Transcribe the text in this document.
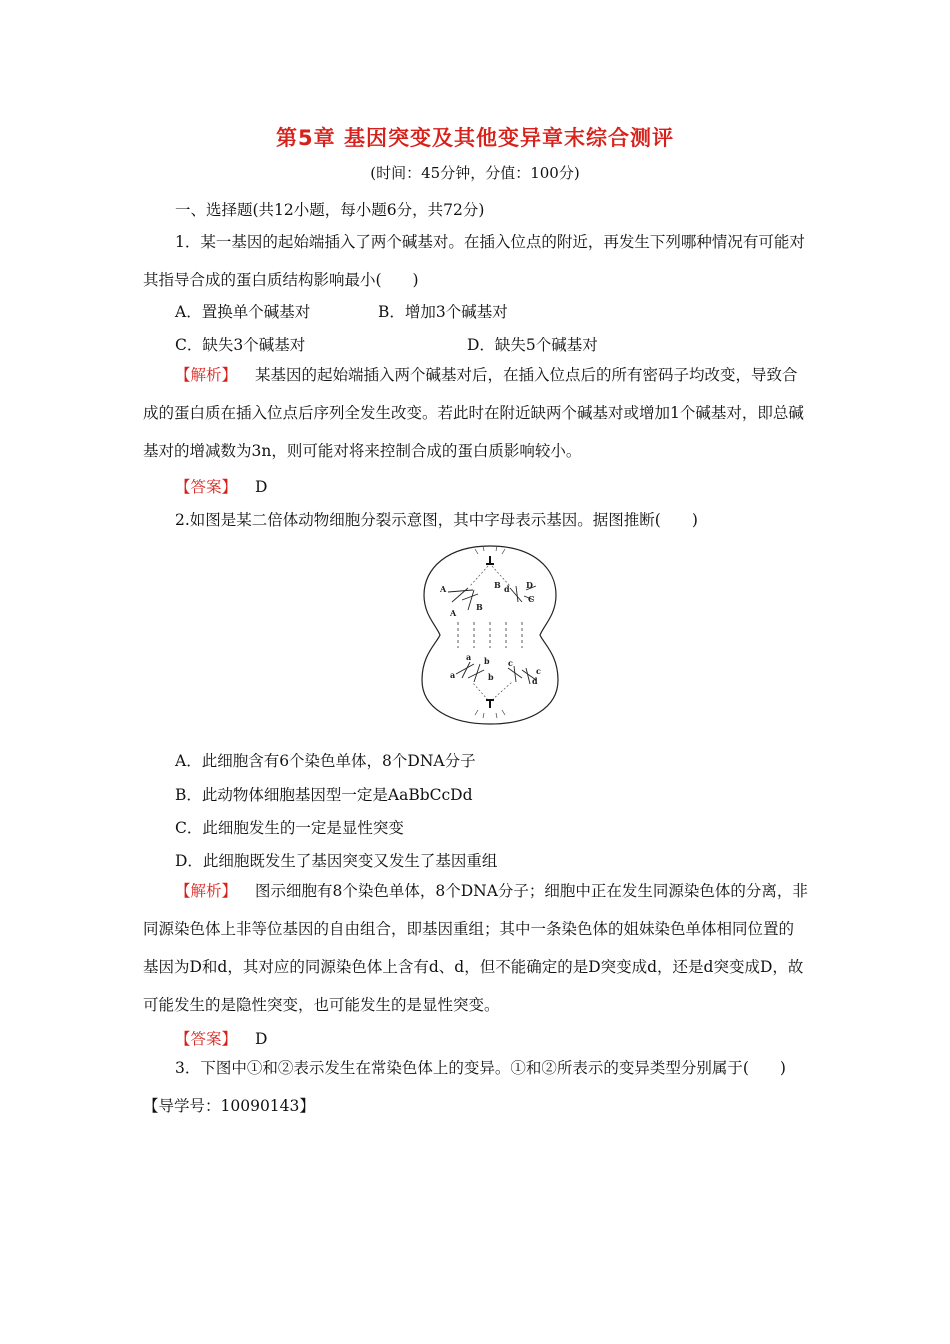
第5章 基因突变及其他变异章末综合测评
(时间：45分钟，分值：100分)
一、选择题(共12小题，每小题6分，共72分)
1．某一基因的起始端插入了两个碱基对。在插入位点的附近，再发生下列哪种情况有可能对其指导合成的蛋白质结构影响最小(　　)
A．置换单个碱基对	B．增加3个碱基对
C．缺失3个碱基对	D．缺失5个碱基对
【解析】 某基因的起始端插入两个碱基对后，在插入位点后的所有密码子均改变，导致合成的蛋白质在插入位点后序列全发生改变。若此时在附近缺两个碱基对或增加1个碱基对，即总碱基对的增减数为3n，则可能对将来控制合成的蛋白质影响较小。
【答案】 D
2.如图是某二倍体动物细胞分裂示意图，其中字母表示基因。据图推断(　　)
A
A
B
B
d D
C
a b
a	b
c
c
d
A．此细胞含有6个染色单体，8个DNA分子
B．此动物体细胞基因型一定是AaBbCcDd
C．此细胞发生的一定是显性突变
D．此细胞既发生了基因突变又发生了基因重组
【解析】 图示细胞有8个染色单体，8个DNA分子；细胞中正在发生同源染色体的分离，非同源染色体上非等位基因的自由组合，即基因重组；其中一条染色体的姐妹染色单体相同位置的基因为D和d，其对应的同源染色体上含有d、d，但不能确定的是D突变成d，还是d突变成D，故可能发生的是隐性突变，也可能发生的是显性突变。
【答案】 D
3．下图中①和②表示发生在常染色体上的变异。①和②所表示的变异类型分别属于(　　)【导学号：10090143】
